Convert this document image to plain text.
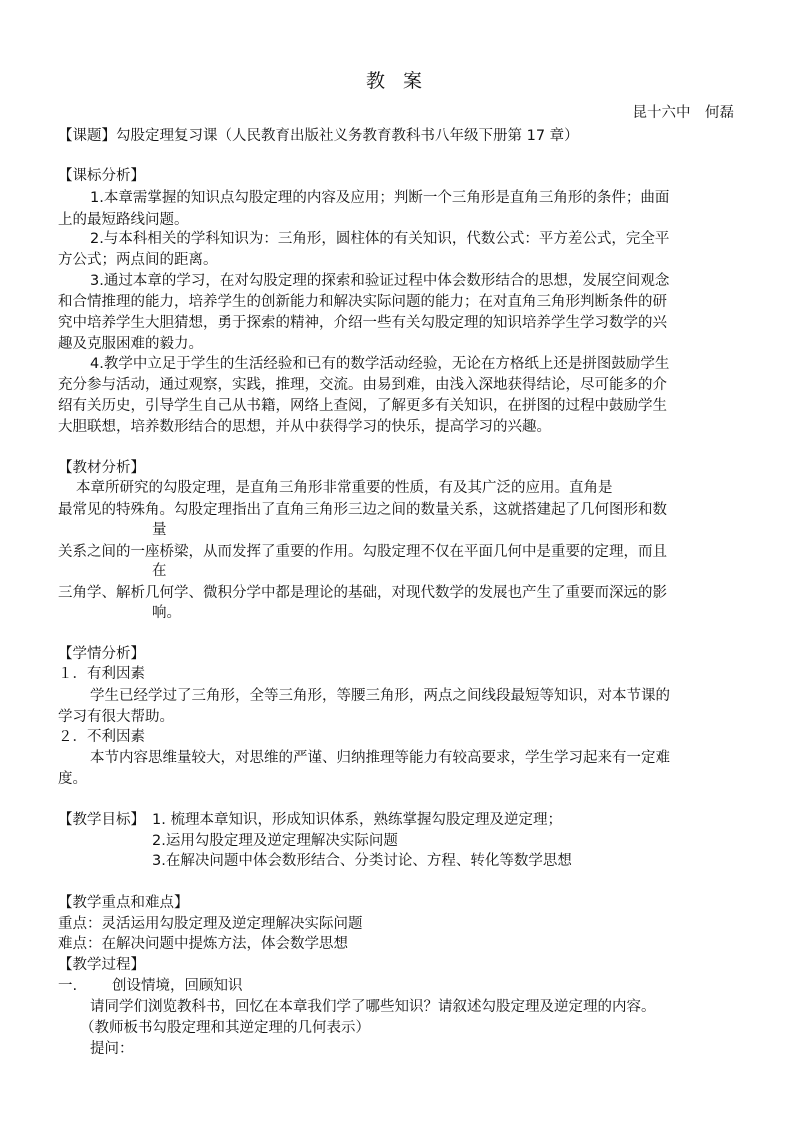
教 案
昆十六中　何磊
【课题】勾股定理复习课（人民教育出版社义务教育教科书八年级下册第 17 章）
【课标分析】
1.本章需掌握的知识点勾股定理的内容及应用；判断一个三角形是直角三角形的条件；曲面
上的最短路线问题。
2.与本科相关的学科知识为：三角形，圆柱体的有关知识，代数公式：平方差公式，完全平
方公式；两点间的距离。
3.通过本章的学习，在对勾股定理的探索和验证过程中体会数形结合的思想，发展空间观念
和合情推理的能力，培养学生的创新能力和解决实际问题的能力；在对直角三角形判断条件的研
究中培养学生大胆猜想，勇于探索的精神，介绍一些有关勾股定理的知识培养学生学习数学的兴
趣及克服困难的毅力。
4.教学中立足于学生的生活经验和已有的数学活动经验，无论在方格纸上还是拼图鼓励学生
充分参与活动，通过观察，实践，推理，交流。由易到难，由浅入深地获得结论，尽可能多的介
绍有关历史，引导学生自己从书籍，网络上查阅，了解更多有关知识，在拼图的过程中鼓励学生
大胆联想，培养数形结合的思想，并从中获得学习的快乐，提高学习的兴趣。
【教材分析】
本章所研究的勾股定理，是直角三角形非常重要的性质，有及其广泛的应用。直角是
最常见的特殊角。勾股定理指出了直角三角形三边之间的数量关系，这就搭建起了几何图形和数
量
关系之间的一座桥梁，从而发挥了重要的作用。勾股定理不仅在平面几何中是重要的定理，而且
在
三角学、解析几何学、微积分学中都是理论的基础，对现代数学的发展也产生了重要而深远的影
响。
【学情分析】
１．有利因素
学生已经学过了三角形，全等三角形，等腰三角形，两点之间线段最短等知识，对本节课的
学习有很大帮助。
２．不利因素
本节内容思维量较大，对思维的严谨、归纳推理等能力有较高要求，学生学习起来有一定难
度。
【教学目标】 1. 梳理本章知识，形成知识体系，熟练掌握勾股定理及逆定理；
2.运用勾股定理及逆定理解决实际问题
3.在解决问题中体会数形结合、分类讨论、方程、转化等数学思想
【教学重点和难点】
重点：灵活运用勾股定理及逆定理解决实际问题
难点：在解决问题中提炼方法，体会数学思想
【教学过程】
一. 创设情境，回顾知识
请同学们浏览教科书，回忆在本章我们学了哪些知识？请叙述勾股定理及逆定理的内容。
（教师板书勾股定理和其逆定理的几何表示）
提问：
